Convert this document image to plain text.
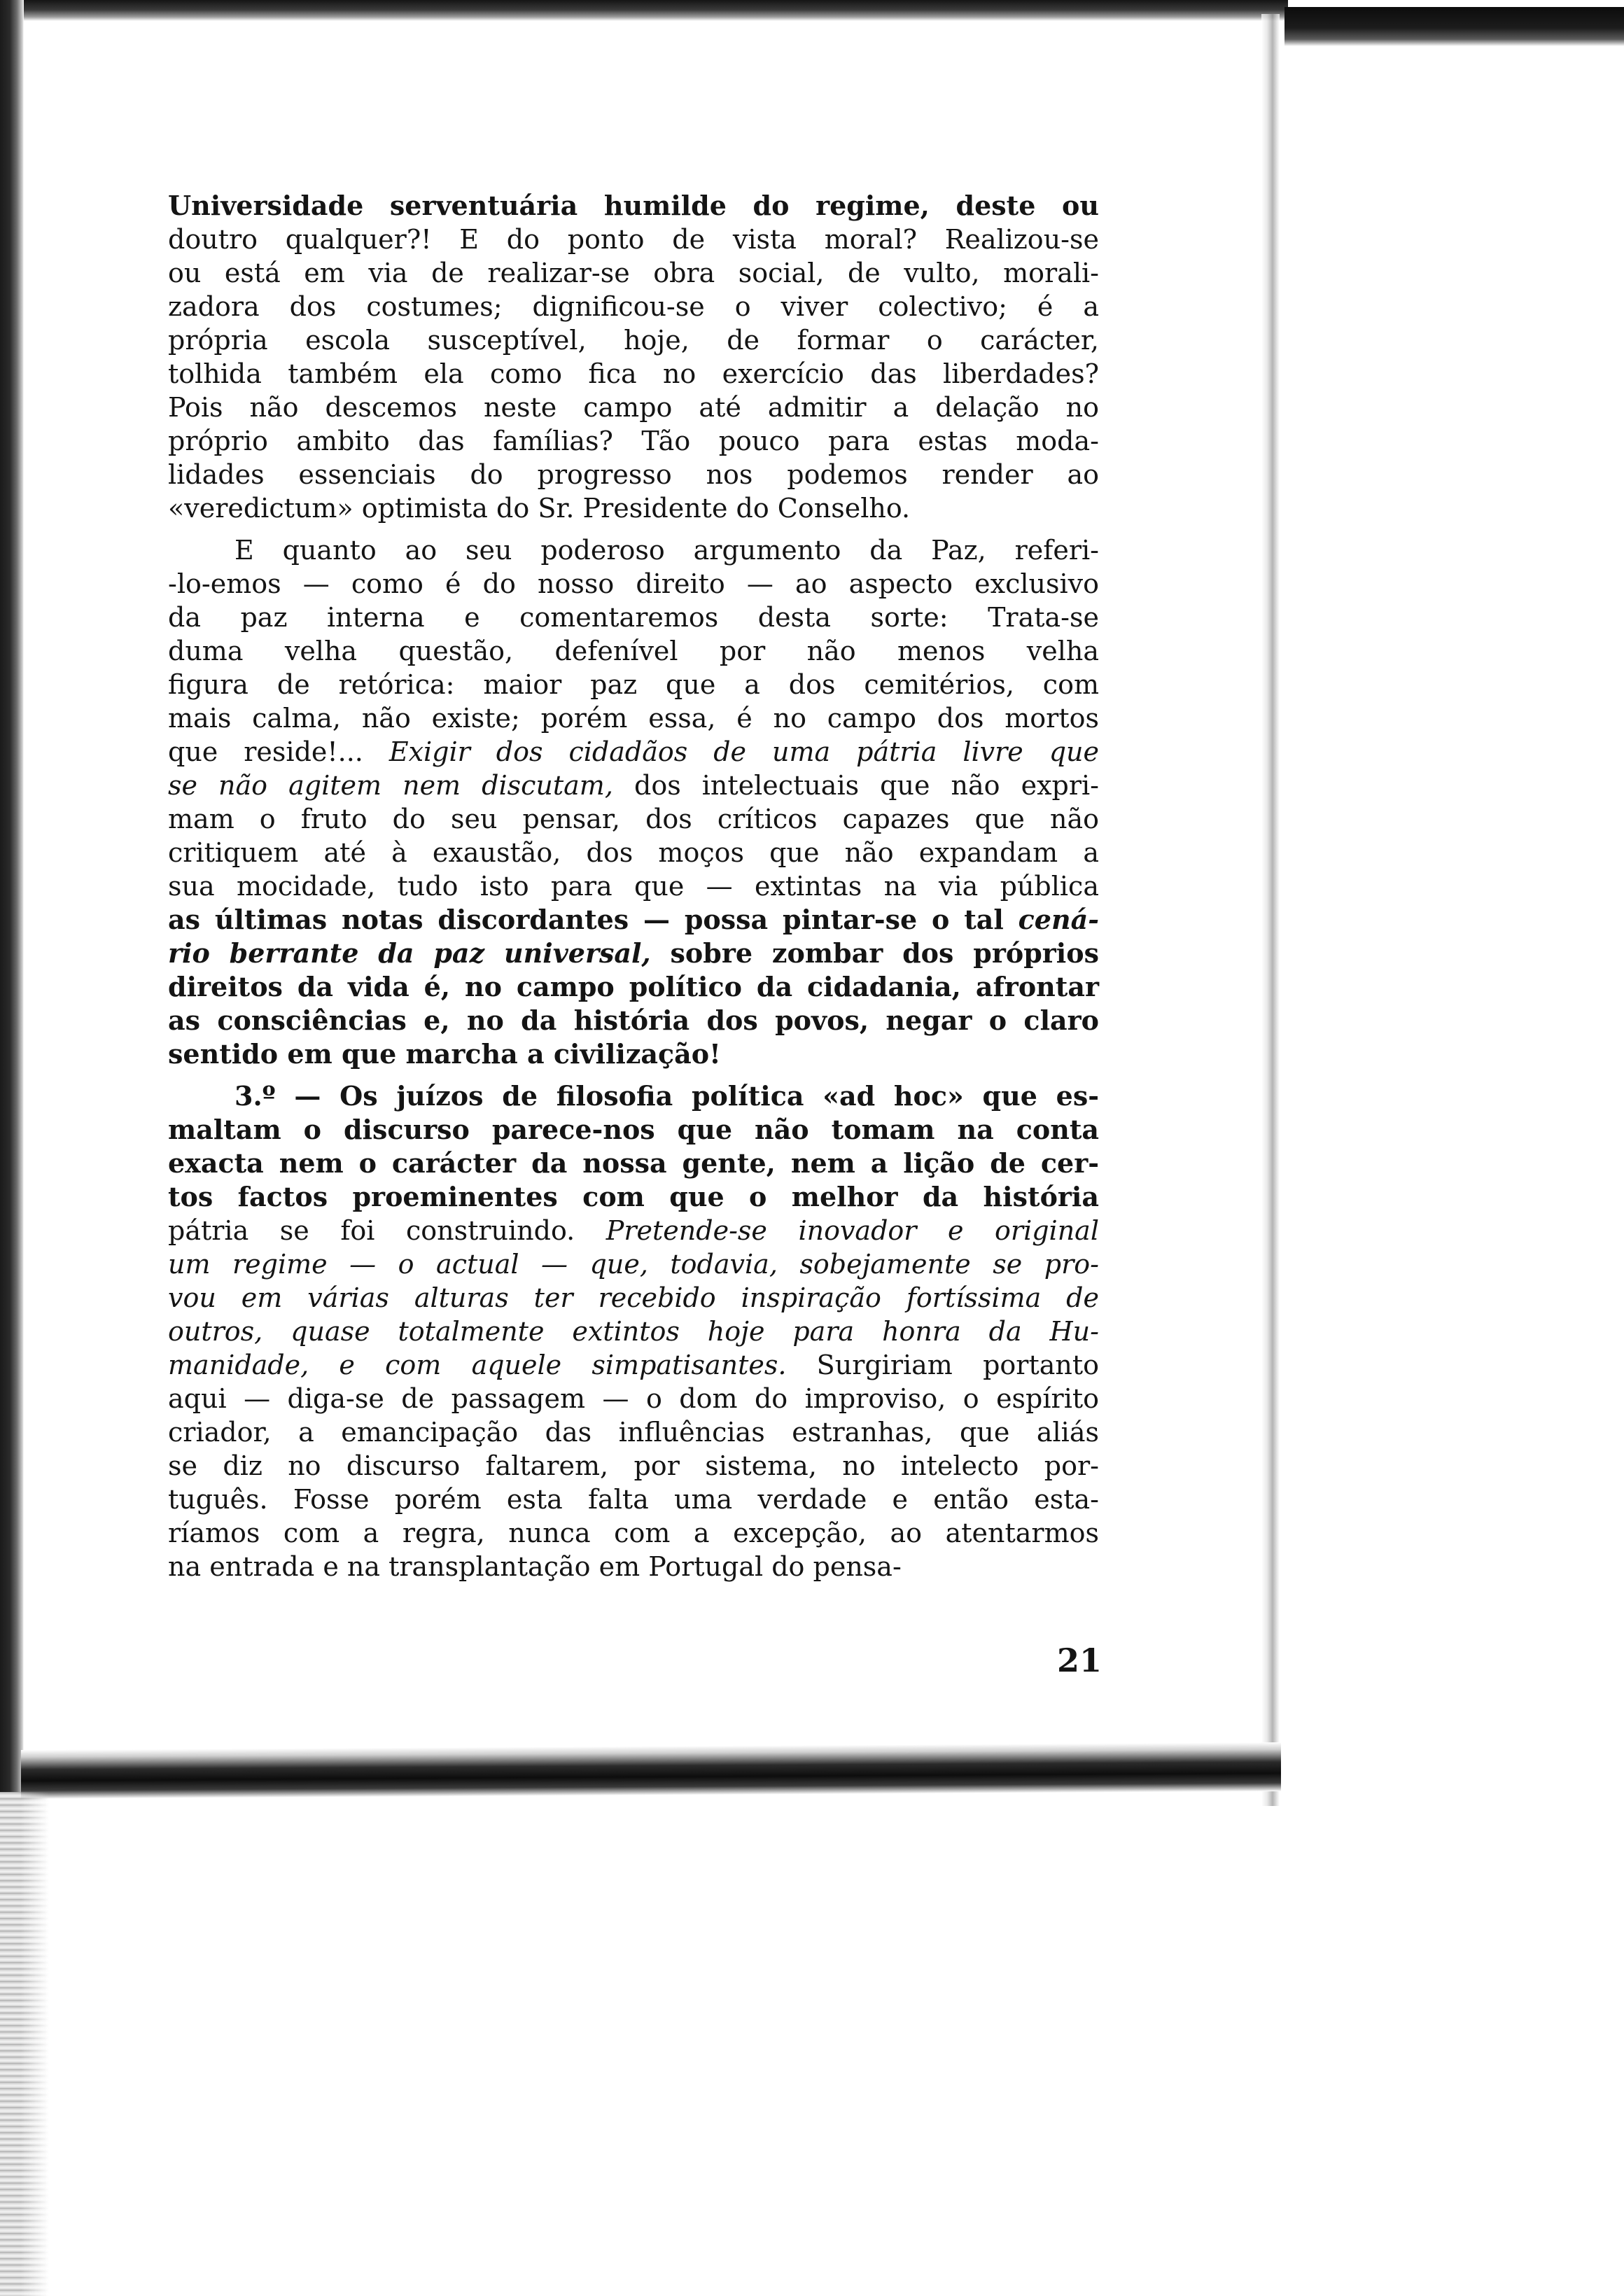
Universidade serventuária humilde do regime, deste ou
doutro qualquer?! E do ponto de vista moral? Realizou-se
ou está em via de realizar-se obra social, de vulto, morali-
zadora dos costumes; dignificou-se o viver colectivo; é a
própria escola susceptível, hoje, de formar o carácter,
tolhida também ela como fica no exercício das liberdades?
Pois não descemos neste campo até admitir a delação no
próprio ambito das famílias? Tão pouco para estas moda-
lidades essenciais do progresso nos podemos render ao
«veredictum» optimista do Sr. Presidente do Conselho.
E quanto ao seu poderoso argumento da Paz, referi-
-lo-emos — como é do nosso direito — ao aspecto exclusivo
da paz interna e comentaremos desta sorte: Trata-se
duma velha questão, defenível por não menos velha
figura de retórica: maior paz que a dos cemitérios, com
mais calma, não existe; porém essa, é no campo dos mortos
que reside!... Exigir dos cidadãos de uma pátria livre que
se não agitem nem discutam, dos intelectuais que não expri-
mam o fruto do seu pensar, dos críticos capazes que não
critiquem até à exaustão, dos moços que não expandam a
sua mocidade, tudo isto para que — extintas na via pública
as últimas notas discordantes — possa pintar-se o tal cená-
rio berrante da paz universal, sobre zombar dos próprios
direitos da vida é, no campo político da cidadania, afrontar
as consciências e, no da história dos povos, negar o claro
sentido em que marcha a civilização!
3.º — Os juízos de filosofia política «ad hoc» que es-
maltam o discurso parece-nos que não tomam na conta
exacta nem o carácter da nossa gente, nem a lição de cer-
tos factos proeminentes com que o melhor da história
pátria se foi construindo. Pretende-se inovador e original
um regime — o actual — que, todavia, sobejamente se pro-
vou em várias alturas ter recebido inspiração fortíssima de
outros, quase totalmente extintos hoje para honra da Hu-
manidade, e com aquele simpatisantes. Surgiriam portanto
aqui — diga-se de passagem — o dom do improviso, o espírito
criador, a emancipação das influências estranhas, que aliás
se diz no discurso faltarem, por sistema, no intelecto por-
tuguês. Fosse porém esta falta uma verdade e então esta-
ríamos com a regra, nunca com a excepção, ao atentarmos
na entrada e na transplantação em Portugal do pensa-
21
